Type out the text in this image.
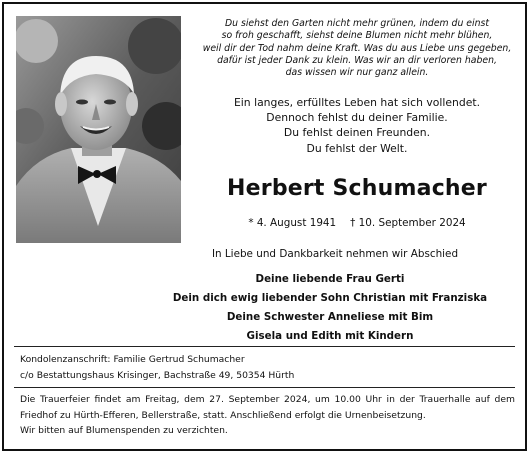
Du siehst den Garten nicht mehr grünen, indem du einst
so froh geschafft, siehst deine Blumen nicht mehr blühen,
weil dir der Tod nahm deine Kraft. Was du aus Liebe uns gegeben,
dafür ist jeder Dank zu klein. Was wir an dir verloren haben,
das wissen wir nur ganz allein.
Ein langes, erfülltes Leben hat sich vollendet.
Dennoch fehlst du deiner Familie.
Du fehlst deinen Freunden.
Du fehlst der Welt.
Herbert Schumacher
* 4. August 1941 † 10. September 2024
In Liebe und Dankbarkeit nehmen wir Abschied
Deine liebende Frau Gerti
Dein dich ewig liebender Sohn Christian mit Franziska
Deine Schwester Anneliese mit Bim
Gisela und Edith mit Kindern
Kondolenzanschrift: Familie Gertrud Schumacher
c/o Bestattungshaus Krisinger, Bachstraße 49, 50354 Hürth
Die Trauerfeier findet am Freitag, dem 27. September 2024, um 10.00 Uhr in der Trauerhalle auf dem
Friedhof zu Hürth-Efferen, Bellerstraße, statt. Anschließend erfolgt die Urnenbeisetzung.
Wir bitten auf Blumenspenden zu verzichten.
